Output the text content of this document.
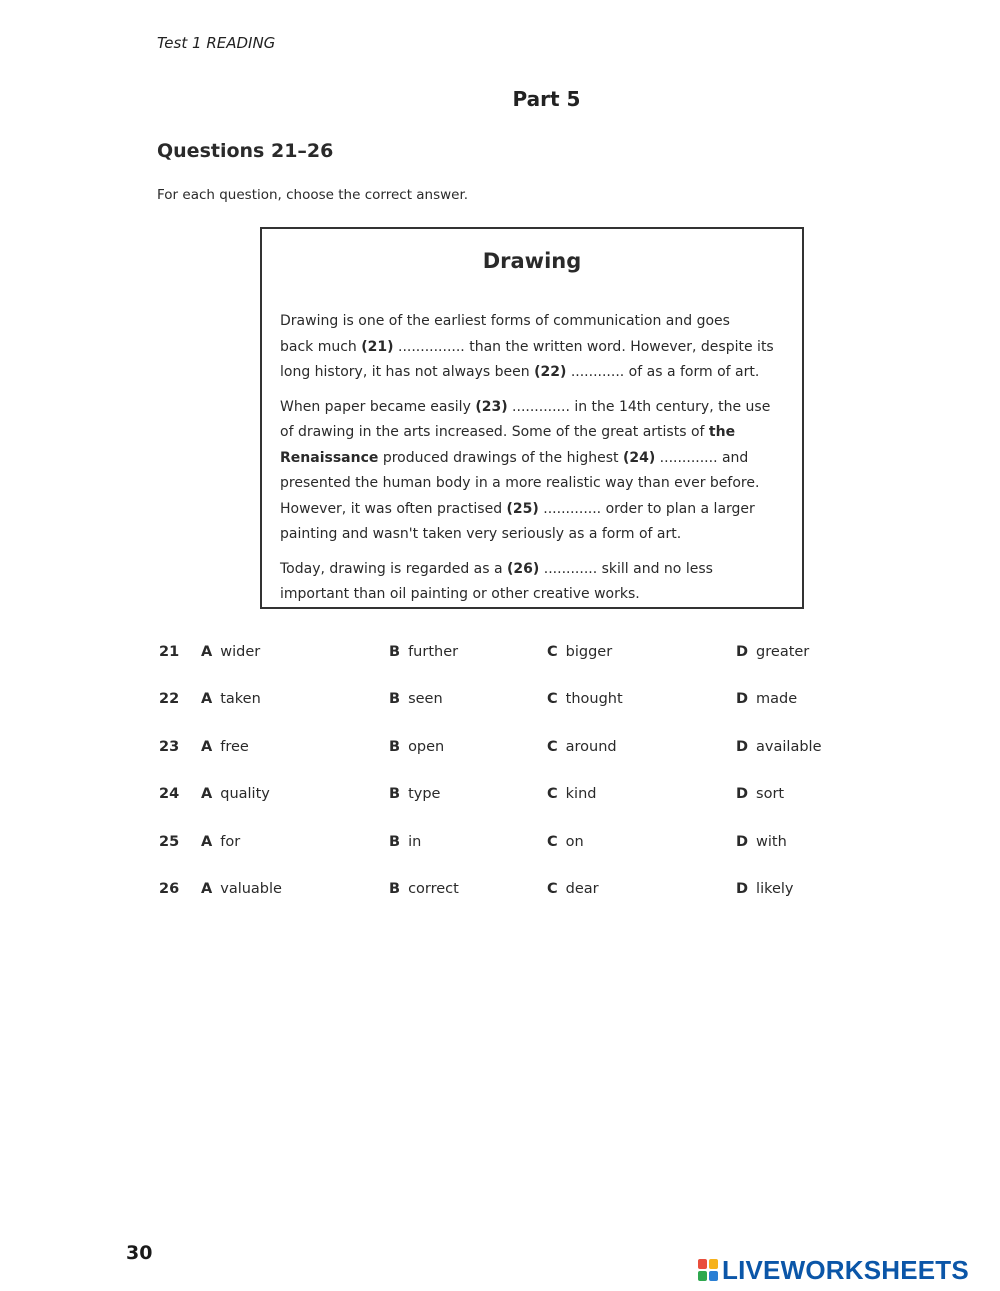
Test 1 READING
Part 5
Questions 21–26
For each question, choose the correct answer.
Drawing

Drawing is one of the earliest forms of communication and goes
back much (21) ............... than the written word. However, despite its
long history, it has not always been (22) ............ of as a form of art.

When paper became easily (23) ............. in the 14th century, the use
of drawing in the arts increased. Some of the great artists of the Renaissance produced drawings of the highest (24) ............. and
presented the human body in a more realistic way than ever before.
However, it was often practised (25) ............. order to plan a larger
painting and wasn't taken very seriously as a form of art.

Today, drawing is regarded as a (26) ............ skill and no less
important than oil painting or other creative works.

21 A wider	B further	C bigger	D greater
22 A taken	B seen	C thought	D made
23 A free	B open	C around	D available
24 A quality	B type	C kind	D sort
25 A for	B in	C on	D with
26 A valuable	B correct	C dear	D likely
30
LIVEWORKSHEETS
